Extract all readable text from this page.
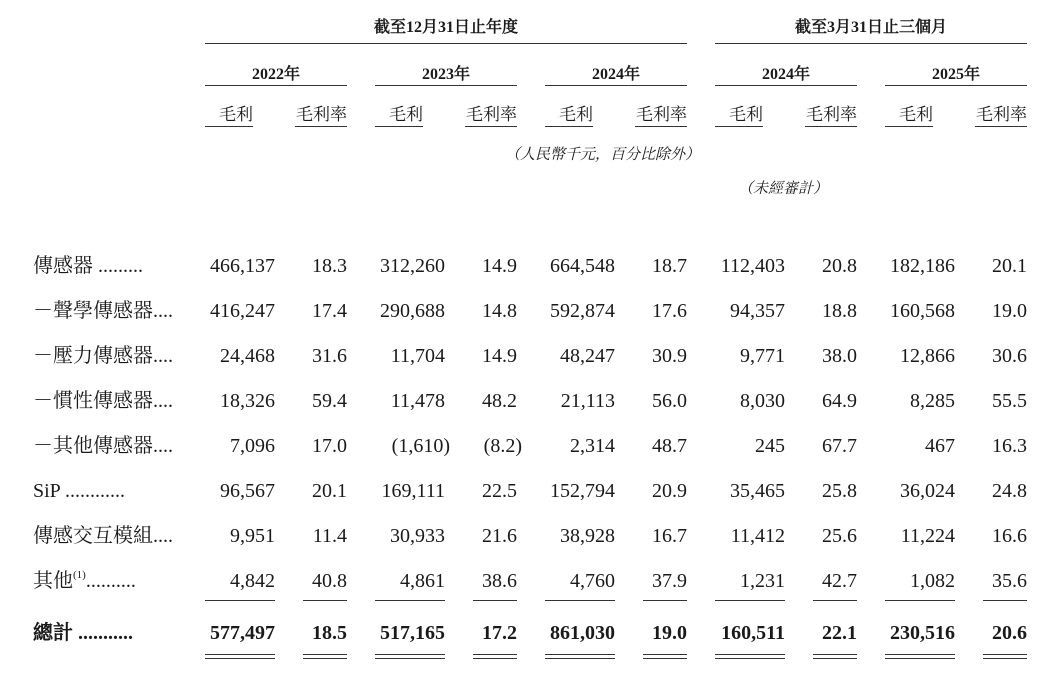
截至12月31日止年度	截至3月31日止三個月
2022年	2023年	2024年	2024年	2025年
毛利	毛利率	毛利	毛利率	毛利	毛利率	毛利	毛利率	毛利	毛利率
（人民幣千元，百分比除外）
（未經審計）
傳感器 .........	466,137 18.3 312,260 14.9 664,548 18.7 112,403 20.8 182,186 20.1
－聲學傳感器.... 416,247 17.4 290,688 14.8 592,874 17.6 94,357 18.8 160,568 19.0
－壓力傳感器.... 24,468 31.6 11,704 14.9 48,247 30.9	9,771 38.0 12,866 30.6
－慣性傳感器.... 18,326 59.4 11,478 48.2 21,113 56.0	8,030 64.9	8,285 55.5
－其他傳感器....	7,096 17.0 (1,610) (8.2) 2,314 48.7	245 67.7	467 16.3
SiP ............	96,567 20.1 169,111 22.5 152,794 20.9 35,465 25.8 36,024 24.8
傳感交互模組....	9,951 11.4 30,933 21.6 38,928 16.7 11,412 25.6 11,224 16.6
其他$^{(1)}$..........	4,842 40.8	4,861 38.6	4,760 37.9	1,231 42.7	1,082 35.6
總計 ...........	577,497 18.5 517,165 17.2 861,030 19.0 160,511 22.1 230,516 20.6
